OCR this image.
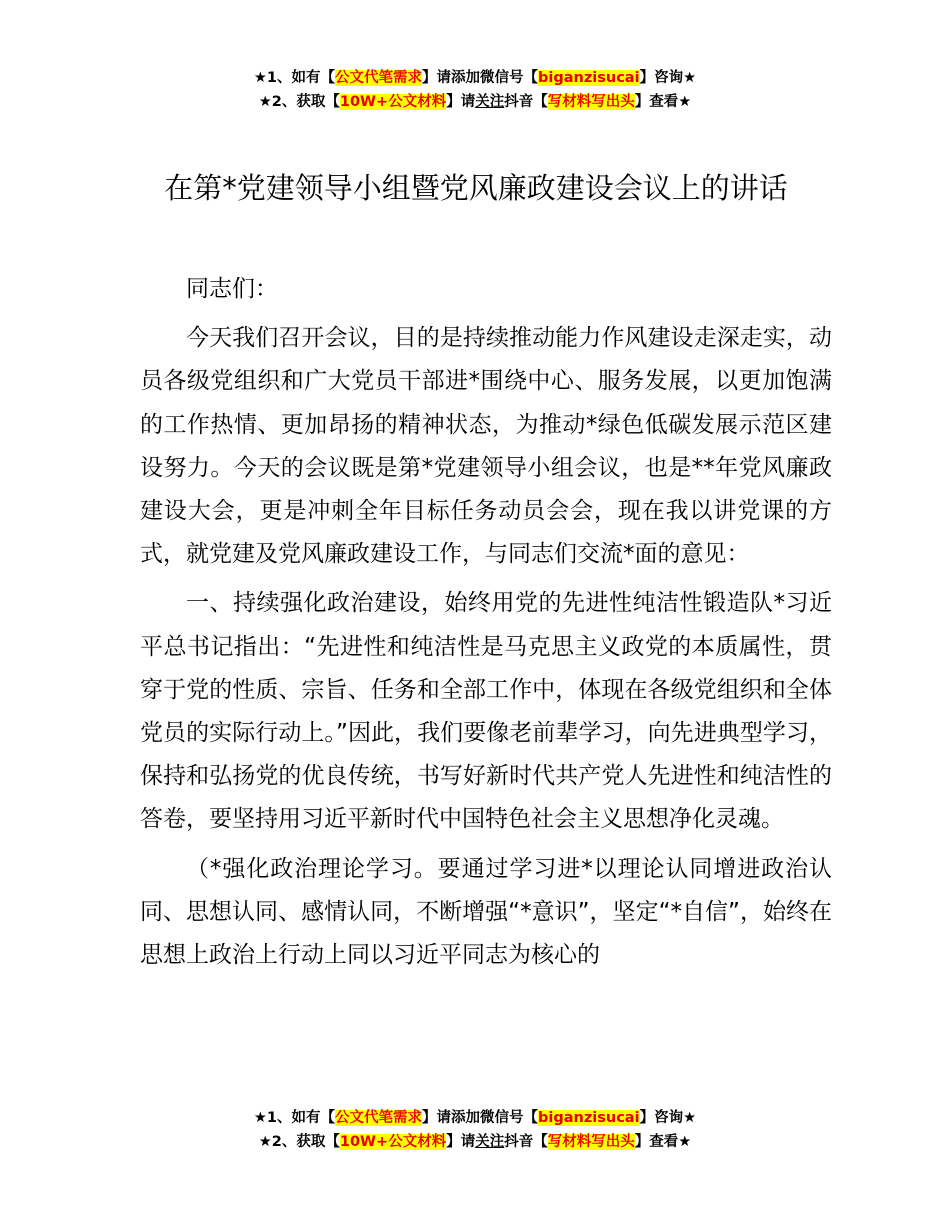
★1、如有【公文代笔需求】请添加微信号【biganzisucai】咨询★
★2、获取【10W+公文材料】请关注抖音【写材料写出头】查看★
在第*党建领导小组暨党风廉政建设会议上的讲话

同志们：

今天我们召开会议，目的是持续推动能力作风建设走深走实，动员各级党组织和广大党员干部进*围绕中心、服务发展，以更加饱满的工作热情、更加昂扬的精神状态，为推动*绿色低碳发展示范区建设努力。今天的会议既是第*党建领导小组会议，也是**年党风廉政建设大会，更是冲刺全年目标任务动员会会，现在我以讲党课的方式，就党建及党风廉政建设工作，与同志们交流*面的意见：

一、持续强化政治建设，始终用党的先进性纯洁性锻造队*习近平总书记指出：“先进性和纯洁性是马克思主义政党的本质属性，贯穿于党的性质、宗旨、任务和全部工作中，体现在各级党组织和全体党员的实际行动上。”因此，我们要像老前辈学习，向先进典型学习，保持和弘扬党的优良传统，书写好新时代共产党人先进性和纯洁性的答卷，要坚持用习近平新时代中国特色社会主义思想净化灵魂。

（*强化政治理论学习。要通过学习进*以理论认同增进政治认同、思想认同、感情认同，不断增强“*意识”，坚定“*自信”，始终在思想上政治上行动上同以习近平同志为核心的

★1、如有【公文代笔需求】请添加微信号【biganzisucai】咨询★
★2、获取【10W+公文材料】请关注抖音【写材料写出头】查看★
